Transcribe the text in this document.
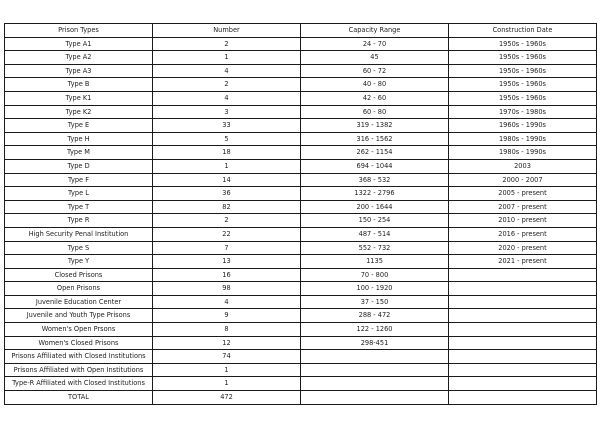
Prison Types	Number	Capacity Range	Construction Date
Type A1	2	24 - 70	1950s - 1960s
Type A2	1	45	1950s - 1960s
Type A3	4	60 - 72	1950s - 1960s
Type B	2	40 - 80	1950s - 1960s
Type K1	4	42 - 60	1950s - 1960s
Type K2	3	60 - 80	1970s - 1980s
Type E	33	319 - 1382	1960s - 1990s
Type H	5	316 - 1562	1980s - 1990s
Type M	18	262 - 1154	1980s - 1990s
Type D	1	694 - 1044	2003
Type F	14	368 - 532	2000 - 2007
Type L	36	1322 - 2796	2005 - present
Type T	82	200 - 1644	2007 - present
Type R	2	150 - 254	2010 - present
High Security Penal Institution	22	487 - 514	2016 - present
Type S	7	552 - 732	2020 - present
Type Y	13	1135	2021 - present
Closed Prisons	16	70 - 800	
Open Prisons	98	100 - 1920	
Juvenile Education Center	4	37 - 150	
Juvenile and Youth Type Prisons	9	288 - 472	
Women's Open Prsons	8	122 - 1260	
Women's Closed Prisons	12	298-451	
Prisons Affiliated with Closed Institutions	74		
Prisons Affiliated with Open Institutions	1		
Type-R Affiliated with Closed Institutions	1		
TOTAL	472		
